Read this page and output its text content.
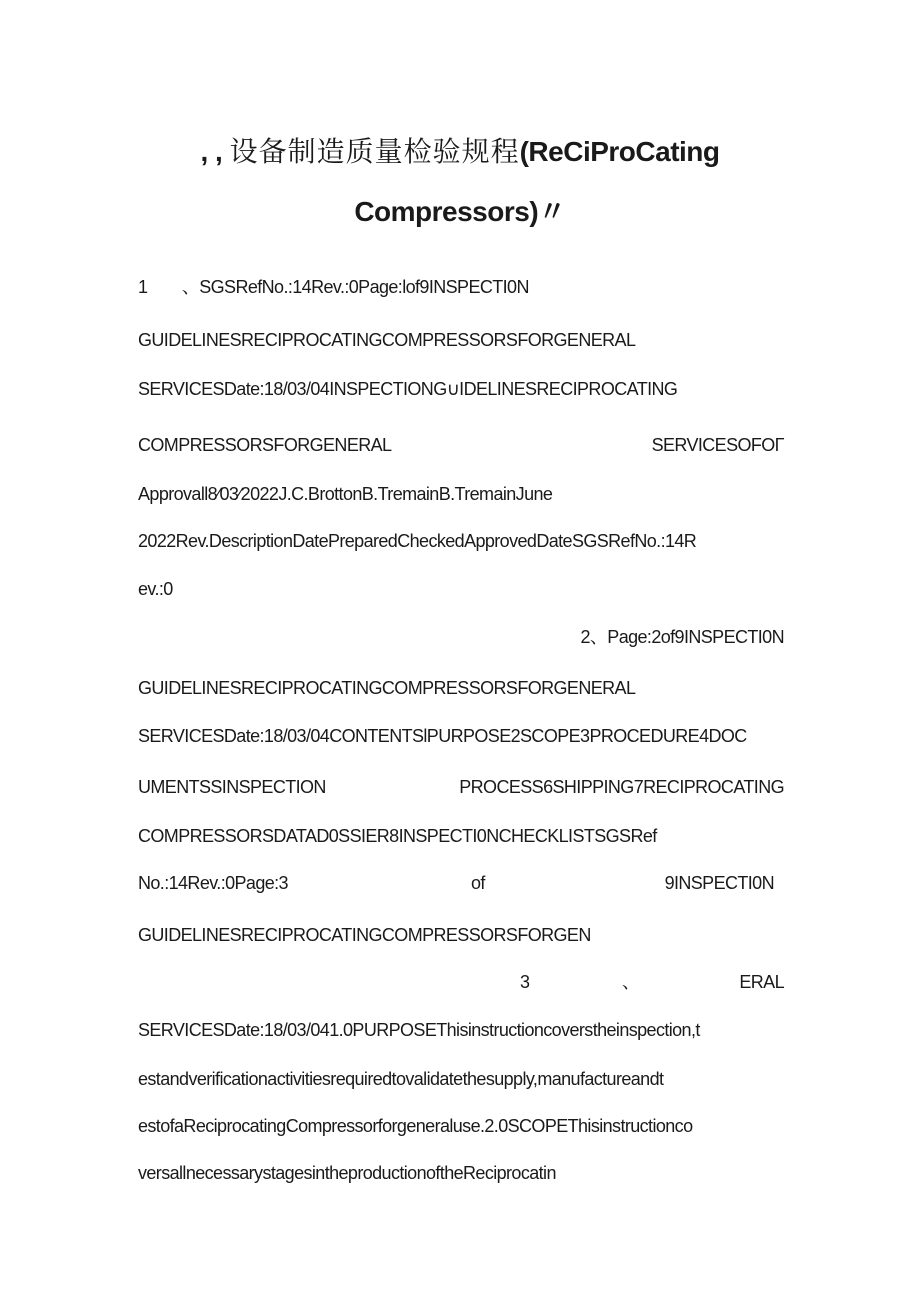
, , 设备制造质量检验规程(ReCiProCating
Compressors)〃
1 、SGSRefNo.:14Rev.:0Page:lof9INSPECTI0N
GUIDELINESRECIPROCATINGCOMPRESSORSFORGENERAL
SERVICESDate:18/03/04INSPECTIONG∪IDELINESRECIPROCATING
COMPRESSORSFORGENERAL	SERVICESOFOΓ
Approvall8∕03∕2022J.C.BrottonB.TremainB.TremainJune
2022Rev.DescriptionDatePreparedCheckedApprovedDateSGSRefNo.:14R
ev.:0
2、Page:2of9INSPECTI0N
GUIDELINESRECIPROCATINGCOMPRESSORSFORGENERAL
SERVICESDate:18/03/04CONTENTSlPURPOSE2SCOPE3PROCEDURE4DOC
UMENTSSINSPECTION	PROCESS6SHIPPING7RECIPROCATING
COMPRESSORSDATAD0SSIER8INSPECTI0NCHECKLISTSGSRef
No.:14Rev.:0Page:3	of	9INSPECTI0N
GUIDELINESRECIPROCATINGCOMPRESSORSFORGEN
3	、	ERAL
SERVICESDate:18/03/041.0PURPOSEThisinstructioncoverstheinspection,t
estandverificationactivitiesrequiredtovalidatethesupply,manufactureandt
estofaReciprocatingCompressorforgeneraluse.2.0SCOPEThisinstructionco
versallnecessarystagesintheproductionoftheReciprocatin
